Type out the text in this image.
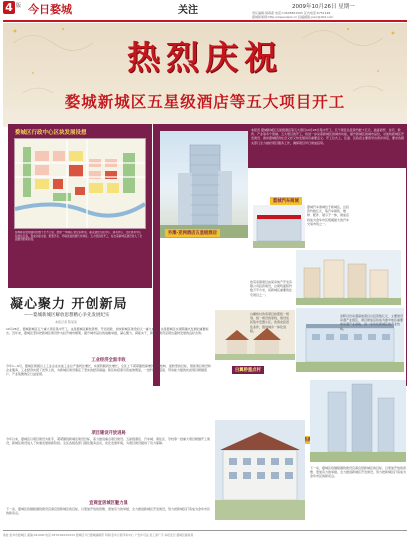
4 版 今日婺城	关注	2009年10月26日 星期一
责任编辑:胡春燕 电话:13605891505 区内电话:6751148
婺城新闻网:http://www.zwzx.cn 投稿邮箱:jrwc@163.com
热烈庆祝
婺城新城区五星级酒店等五大项目开工
婺城区行政中心区块发展设想
婺城新区规划面积约数十平方公里，按照‘一城两区’的空间布局，重点建设行政中心、商务中心、文化体育中心和居住区等，形成功能完善、配套齐全、环境优美的现代化城区。五大项目的开工，标志着新城区建设进入了全面推进的新阶段。
外滩·亚洲酒店五星级酒店
本报讯 婺城新城区五星级酒店等五大项目10月26日集中开工。五个项目总投资约数十亿元，涵盖商贸、住宅、教育、产业等多个领域。五大项目的开工，将进一步完善新城区的城市功能，提升新城区的城市品位，对加快新城区开发建设、推动婺城经济社会又好又快发展具有重要意义。开工仪式上，区委、区政府主要领导出席并讲话，要求各相关部门全力做好项目服务工作，确保项目早日建成投用。
婺城汽车商城
婺城汽车商城位于新城区，总投资约数亿元，集汽车销售、维修、配件、展示于一体，建成后将成为金华市区规模最大的汽车交易市场之一。
怡景家园项目由某房地产开发有限公司投资建设，总建筑面积约数万平方米，是新城区重要的住宅项目之一。
白翼桥重点村
白翼桥村改造项目按照统一规划、统一建设的原则，建设农民集中安置小区，改善农民居住条件，推进城乡一体化进程。
金晖丹田动漫基地项目总投资数亿元，主要建设动漫产业园区，项目建成后将成为浙中地区重要的动漫产业基地，进一步优化新城区的产业结构。
下一步，婺城区将继续围绕建设宜商宜居新城区的目标，以更加开放的思维、更加有力的举措，全力推进新城区开发建设，努力把新城区打造成为金华市区的新亮点。
凝心聚力 开创新局
——婺城新城区解放思想精心争先发展纪实
本报记者 陈某某
10月26日，婺城新城区五个重大项目集中开工。这是婺城区解放思想、开拓创新、加快新城区建设的又一重大成果，也是婺城区实现跨越式发展的重要标志。近年来，婺城区坚持把新城区建设作为拉开城市框架、提升城市品位的战略举措，凝心聚力，真抓实干，新城区建设呈现出蓬勃发展的良好态势。
工业经济全面丰收
今年1—9月，婺城区规模以上工业企业完成工业总产值同比增长，实现利税同比增长。全区上下紧紧围绕保增长、调结构、促转型的目标，狠抓项目建设和企业服务，工业经济实现了逆势上扬，为新城区建设奠定了坚实的经济基础。新区块招商引资成效明显，一批科技含量高、带动能力强的优质项目相继落户，产业集聚效应日益显现。
项目建设开放进局
今年以来，婺城区以项目建设为抓手，紧紧围绕新城区建设目标，着力推进重点项目建设。五星级酒店、汽车城、商住区、学校等一批重大项目相继开工建设，新城区建设进入了快速发展的新阶段。全区各级各部门强化服务意识，优化发展环境，为项目建设提供了有力保障。
宜商宜居城区魅力显
下一步，婺城区将继续围绕建设宜商宜居新城区的目标，以更加开放的思维、更加有力的举措，全力推进新城区开发建设，努力把新城区打造成为金华市区的新亮点。
地址:金华市婺城区 邮编:321000 电话:0579-82XXXXXX 婺城区今日婺城编辑部 印刷:金华日报印务中心 广告许可证:金工商广字 本报发行:婺城区邮政局
